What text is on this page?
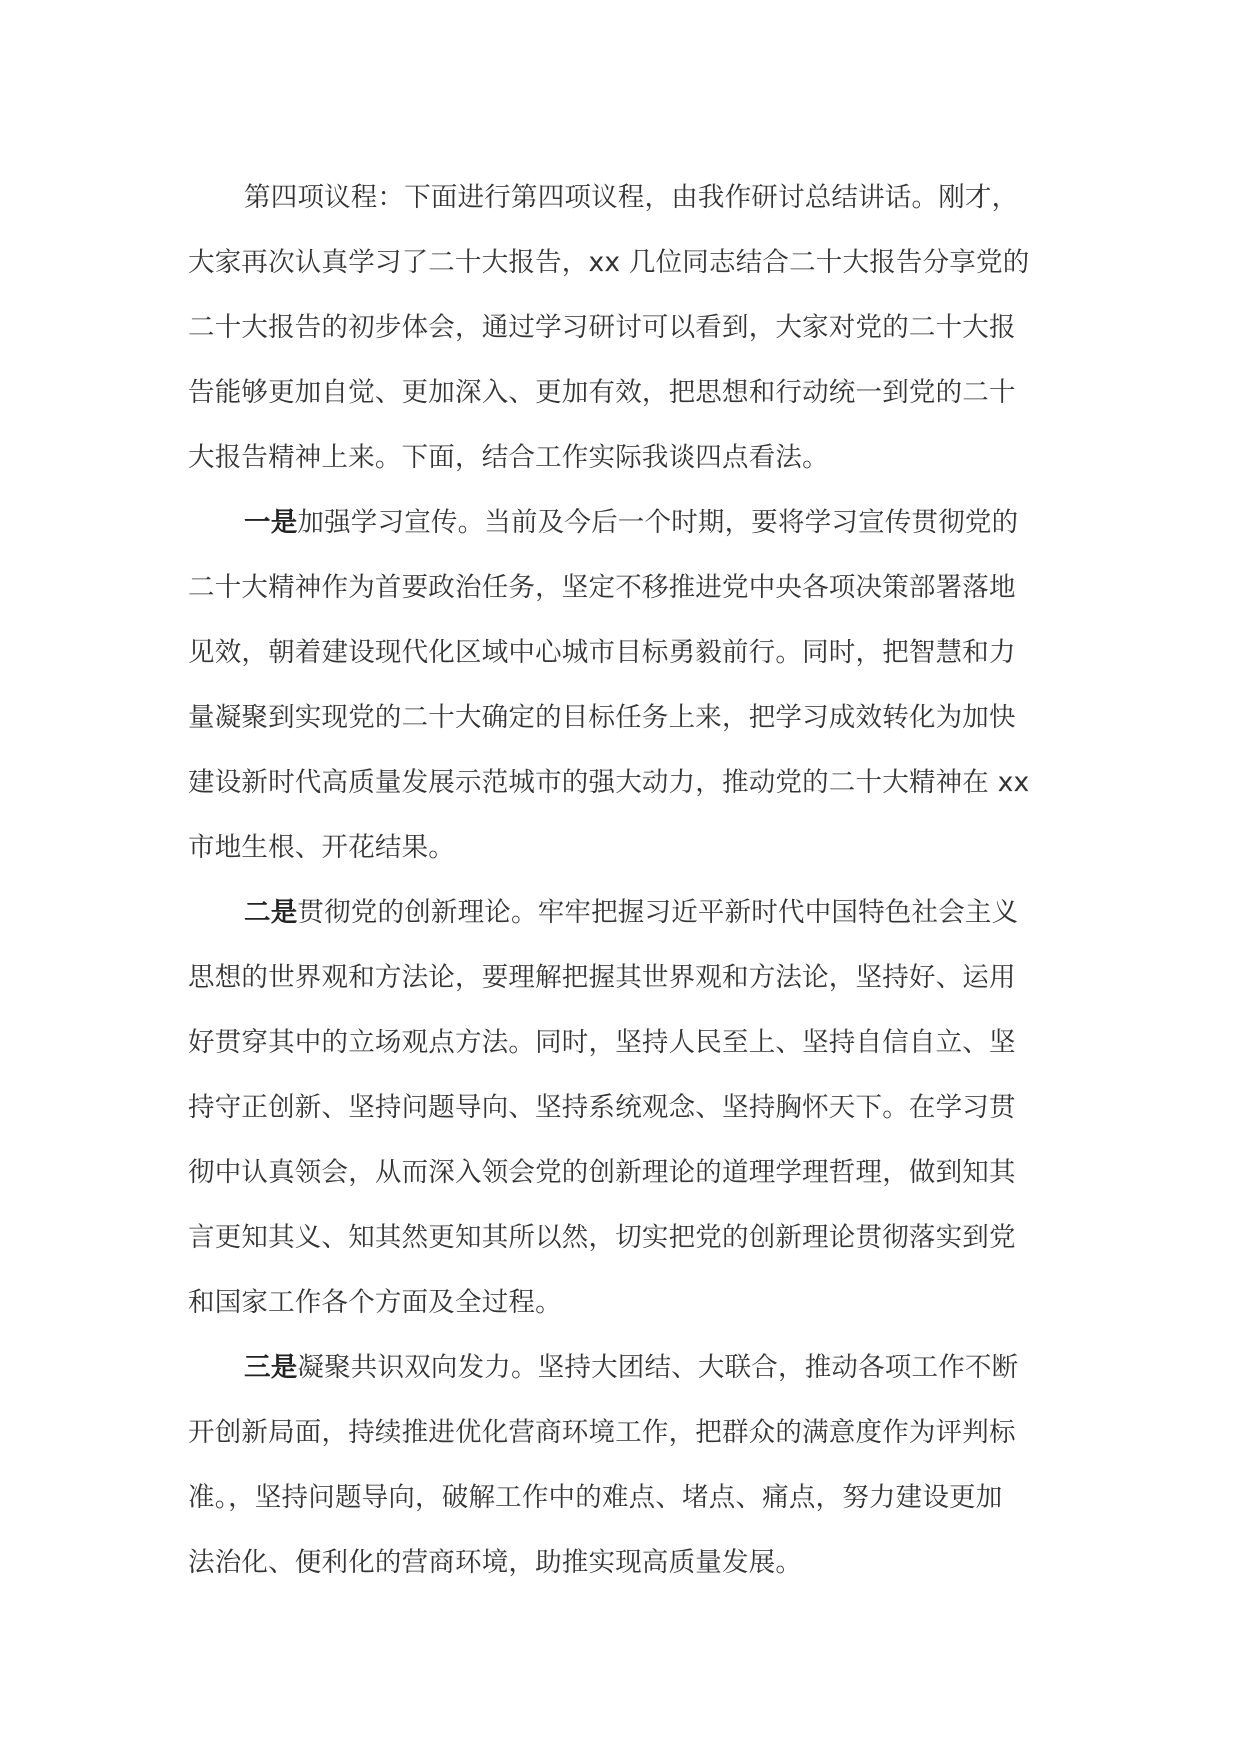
第四项议程：下面进行第四项议程，由我作研讨总结讲话。刚才，
大家再次认真学习了二十大报告，xx 几位同志结合二十大报告分享党的
二十大报告的初步体会，通过学习研讨可以看到，大家对党的二十大报
告能够更加自觉、更加深入、更加有效，把思想和行动统一到党的二十
大报告精神上来。下面，结合工作实际我谈四点看法。
一是加强学习宣传。当前及今后一个时期，要将学习宣传贯彻党的
二十大精神作为首要政治任务，坚定不移推进党中央各项决策部署落地
见效，朝着建设现代化区域中心城市目标勇毅前行。同时，把智慧和力
量凝聚到实现党的二十大确定的目标任务上来，把学习成效转化为加快
建设新时代高质量发展示范城市的强大动力，推动党的二十大精神在 xx
市地生根、开花结果。
二是贯彻党的创新理论。牢牢把握习近平新时代中国特色社会主义
思想的世界观和方法论，要理解把握其世界观和方法论，坚持好、运用
好贯穿其中的立场观点方法。同时，坚持人民至上、坚持自信自立、坚
持守正创新、坚持问题导向、坚持系统观念、坚持胸怀天下。在学习贯
彻中认真领会，从而深入领会党的创新理论的道理学理哲理，做到知其
言更知其义、知其然更知其所以然，切实把党的创新理论贯彻落实到党
和国家工作各个方面及全过程。
三是凝聚共识双向发力。坚持大团结、大联合，推动各项工作不断
开创新局面，持续推进优化营商环境工作，把群众的满意度作为评判标
准。，坚持问题导向，破解工作中的难点、堵点、痛点，努力建设更加
法治化、便利化的营商环境，助推实现高质量发展。
